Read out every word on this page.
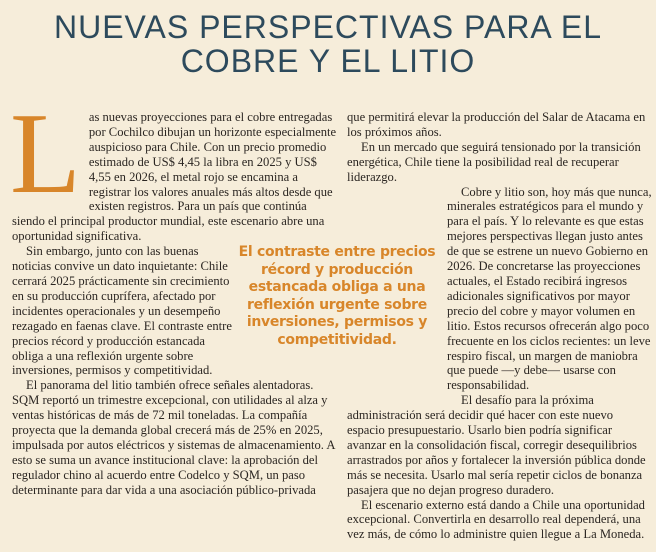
NUEVAS PERSPECTIVAS PARA EL
COBRE Y EL LITIO
L as nuevas proyecciones para el cobre entregadas por Cochilco dibujan un horizonte especialmente auspicioso para Chile. Con un precio promedio estimado de US$ 4,45 la libra en 2025 y US$ 4,55 en 2026, el metal rojo se encamina a registrar los valores anuales más altos desde que existen registros. Para un país que continúa siendo el principal productor mundial, este escenario abre una oportunidad significativa.

Sin embargo, junto con las buenas noticias convive un dato inquietante: Chile cerrará 2025 prácticamente sin crecimiento en su producción cuprífera, afectado por incidentes operacionales y un desempeño rezagado en faenas clave. El contraste entre precios récord y producción estancada obliga a una reflexión urgente sobre inversiones, permisos y competitividad.

El panorama del litio también ofrece señales alentadoras. SQM reportó un trimestre excepcional, con utilidades al alza y ventas históricas de más de 72 mil toneladas. La compañía proyecta que la demanda global crecerá más de 25% en 2025, impulsada por autos eléctricos y sistemas de almacenamiento. A esto se suma un avance institucional clave: la aprobación del regulador chino al acuerdo entre Codelco y SQM, un paso determinante para dar vida a una asociación público-privada

que permitirá elevar la producción del Salar de Atacama en los próximos años.

En un mercado que seguirá tensionado por la transición energética, Chile tiene la posibilidad real de recuperar liderazgo.

Cobre y litio son, hoy más que nunca, minerales estratégicos para el mundo y para el país. Y lo relevante es que estas mejores perspectivas llegan justo antes de que se estrene un nuevo Gobierno en 2026. De concretarse las proyecciones actuales, el Estado recibirá ingresos adicionales significativos por mayor precio del cobre y mayor volumen en litio. Estos recursos ofrecerán algo poco frecuente en los ciclos recientes: un leve respiro fiscal, un margen de maniobra que puede —y debe— usarse con responsabilidad.

El desafío para la próxima administración será decidir qué hacer con este nuevo espacio presupuestario. Usarlo bien podría significar avanzar en la consolidación fiscal, corregir desequilibrios arrastrados por años y fortalecer la inversión pública donde más se necesita. Usarlo mal sería repetir ciclos de bonanza pasajera que no dejan progreso duradero.

El escenario externo está dando a Chile una oportunidad excepcional. Convertirla en desarrollo real dependerá, una vez más, de cómo lo administre quien llegue a La Moneda.

El contraste entre precios récord y producción estancada obliga a una reflexión urgente sobre inversiones, permisos y competitividad.
